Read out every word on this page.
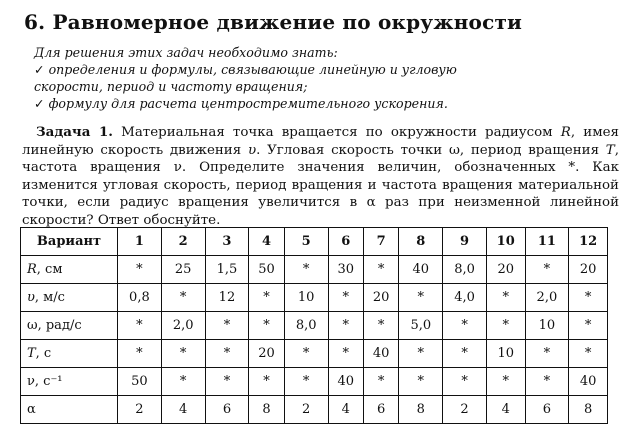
6. Равномерное движение по окружности
Для решения этих задач необходимо знать:
✓ определения и формулы, связывающие линейную и угловую
скорости, период и частоту вращения;
✓ формулу для расчета центростремительного ускорения.
Задача 1. Материальная точка вращается по окружности радиусом R, имея линейную скорость движения υ. Угловая скорость точки ω, период вращения T, частота вращения ν. Определите значения величин, обозначенных *. Как изменится угловая скорость, период вращения и частота вращения материальной точки, если радиус вращения увеличится в α раз при неизменной линейной скорости? Ответ обоснуйте.
Вариант	1	2	3	4	5	6	7	8	9	10	11	12
R, см	*	25	1,5	50	*	30	*	40	8,0	20	*	20
υ, м/с	0,8	*	12	*	10	*	20	*	4,0	*	2,0	*
ω, рад/с	*	2,0	*	*	8,0	*	*	5,0	*	*	10	*
T, с	*	*	*	20	*	*	40	*	*	10	*	*
ν, с⁻¹	50	*	*	*	*	40	*	*	*	*	*	40
α	2	4	6	8	2	4	6	8	2	4	6	8
